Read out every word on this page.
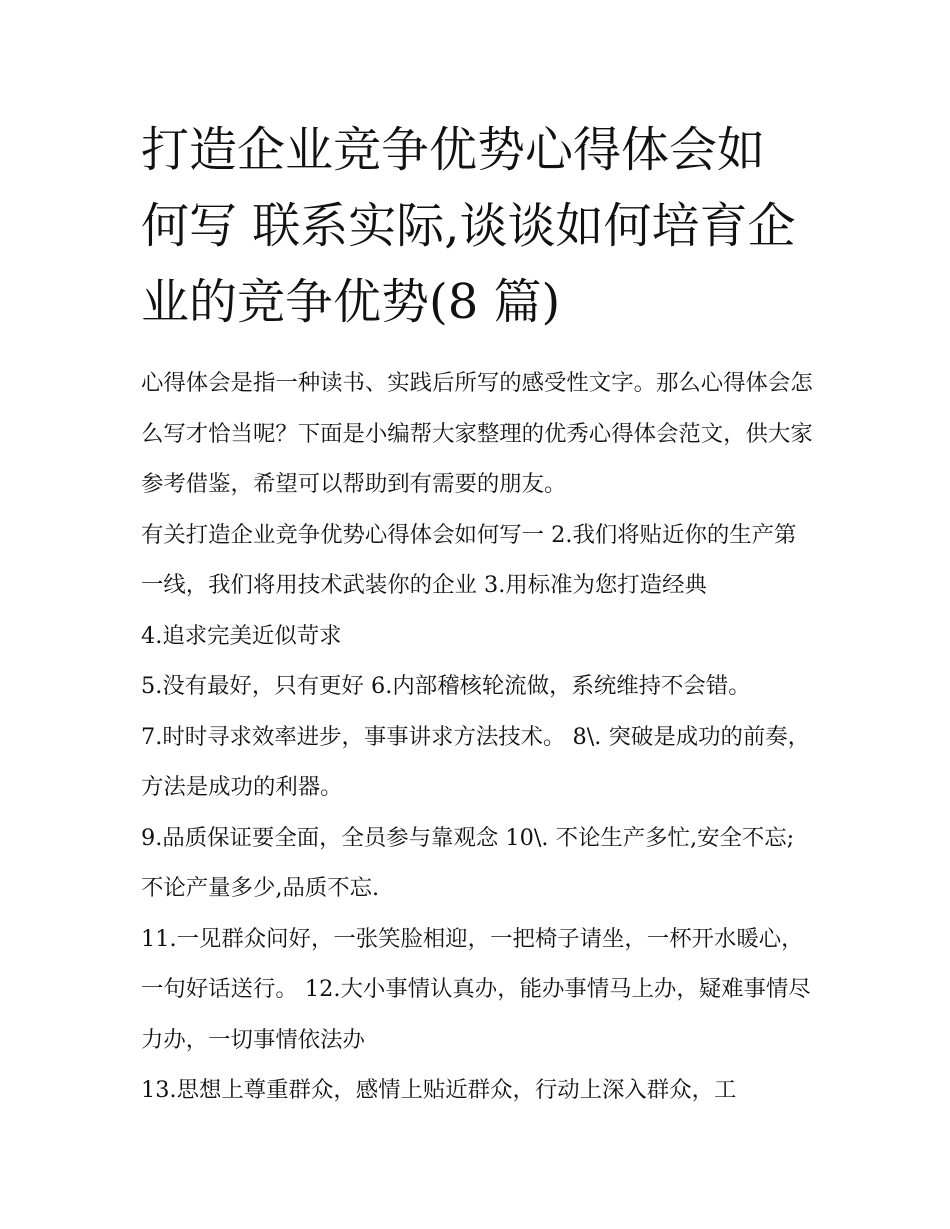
打造企业竞争优势心得体会如
何写 联系实际,谈谈如何培育企
业的竞争优势(8 篇)

心得体会是指一种读书、实践后所写的感受性文字。那么心得体会怎么写才恰当呢？下面是小编帮大家整理的优秀心得体会范文，供大家参考借鉴，希望可以帮助到有需要的朋友。

有关打造企业竞争优势心得体会如何写一 2.我们将贴近你的生产第一线，我们将用技术武装你的企业 3.用标准为您打造经典

4.追求完美近似苛求

5.没有最好，只有更好 6.内部稽核轮流做，系统维持不会错。

7.时时寻求效率进步，事事讲求方法技术。 8\. 突破是成功的前奏，方法是成功的利器。

9.品质保证要全面，全员参与靠观念 10\. 不论生产多忙,安全不忘;不论产量多少,品质不忘.

11.一见群众问好，一张笑脸相迎，一把椅子请坐，一杯开水暖心，一句好话送行。 12.大小事情认真办，能办事情马上办，疑难事情尽力办，一切事情依法办

13.思想上尊重群众，感情上贴近群众，行动上深入群众，工
